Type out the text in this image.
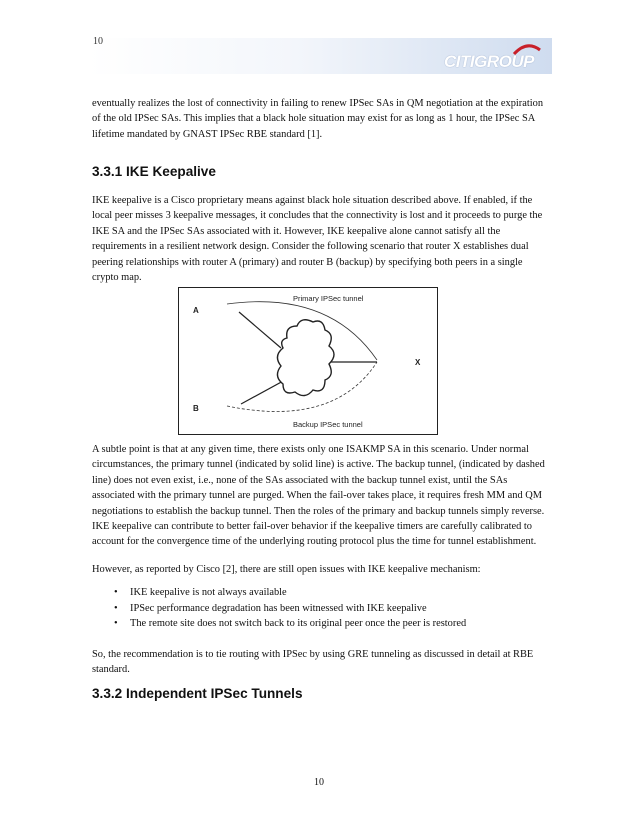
10
CITIGROUP

eventually realizes the lost of connectivity in failing to renew IPSec SAs in QM negotiation at the expiration of the old IPSec SAs. This implies that a black hole situation may exist for as long as 1 hour, the IPSec SA lifetime mandated by GNAST IPSec RBE standard [1].

3.3.1 IKE Keepalive

IKE keepalive is a Cisco proprietary means against black hole situation described above. If enabled, if the local peer misses 3 keepalive messages, it concludes that the connectivity is lost and it proceeds to purge the IKE SA and the IPSec SAs associated with it. However, IKE keepalive alone cannot satisfy all the requirements in a resilient network design. Consider the following scenario that router X establishes dual peering relationships with router A (primary) and router B (backup) by specifying both peers in a single crypto map.

Primary IPSec tunnel
A
X
B
Backup IPSec tunnel

A subtle point is that at any given time, there exists only one ISAKMP SA in this scenario. Under normal circumstances, the primary tunnel (indicated by solid line) is active. The backup tunnel, (indicated by dashed line) does not even exist, i.e., none of the SAs associated with the backup tunnel exist, until the SAs associated with the primary tunnel are purged. When the fail-over takes place, it requires fresh MM and QM negotiations to establish the backup tunnel. Then the roles of the primary and backup tunnels simply reverse. IKE keepalive can contribute to better fail-over behavior if the keepalive timers are carefully calibrated to account for the convergence time of the underlying routing protocol plus the time for tunnel establishment.

However, as reported by Cisco [2], there are still open issues with IKE keepalive mechanism:

• IKE keepalive is not always available
• IPSec performance degradation has been witnessed with IKE keepalive
• The remote site does not switch back to its original peer once the peer is restored

So, the recommendation is to tie routing with IPSec by using GRE tunneling as discussed in detail at RBE standard.

3.3.2 Independent IPSec Tunnels
10
